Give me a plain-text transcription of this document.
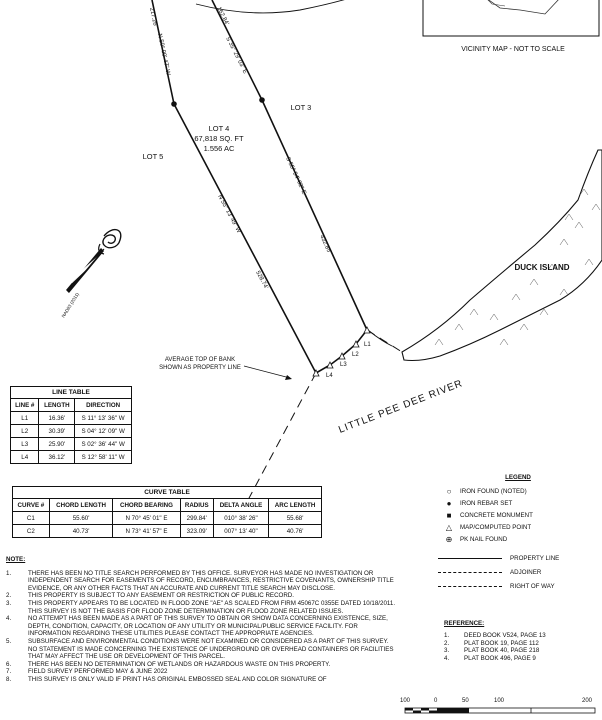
VICINITY MAP - NOT TO SCALE
L1
L2
L3
L4
217.26'
N 50° 00' 47" W
162.84'
S 35° 29' 03" E
S 55° 54' 02" E
432.85'
N 55° 13' 49" W
528.74'
LOT 3
LOT 4
67,818 SQ. FT
1.556 AC
LOT 5
NAD83 (2011)
DUCK ISLAND
LITTLE PEE DEE RIVER
AVERAGE TOP OF BANK
SHOWN AS PROPERTY LINE
LINE TABLE
LINE #	LENGTH	DIRECTION
L1	16.36'	S 11° 13' 36" W
L2	30.39'	S 04° 12' 09" W
L3	25.90'	S 02° 36' 44" W
L4	36.12'	S 12° 58' 11" W
CURVE TABLE
CURVE #	CHORD LENGTH	CHORD BEARING	RADIUS	DELTA ANGLE	ARC LENGTH
C1	55.60'	N 70° 45' 01" E	299.84'	010° 38' 26"	55.68'
C2	40.73'	N 73° 41' 57" E	323.09'	007° 13' 40"	40.76'
LEGEND
○	IRON FOUND (NOTED)
●	IRON REBAR SET
■	CONCRETE MONUMENT
△	MAP/COMPUTED POINT
⊕	PK NAIL FOUND
PROPERTY LINE
ADJOINER
RIGHT OF WAY
NOTE:
1.	THERE HAS BEEN NO TITLE SEARCH PERFORMED BY THIS OFFICE. SURVEYOR HAS MADE NO INVESTIGATION OR INDEPENDENT SEARCH FOR EASEMENTS OF RECORD, ENCUMBRANCES, RESTRICTIVE COVENANTS, OWNERSHIP TITLE EVIDENCE, OR ANY OTHER FACTS THAT AN ACCURATE AND CURRENT TITLE SEARCH MAY DISCLOSE.
2.	THIS PROPERTY IS SUBJECT TO ANY EASEMENT OR RESTRICTION OF PUBLIC RECORD.
3.	THIS PROPERTY APPEARS TO BE LOCATED IN FLOOD ZONE "AE" AS SCALED FROM FIRM 45067C 0355E DATED 10/18/2011. THIS SURVEY IS NOT THE BASIS FOR FLOOD ZONE DETERMINATION OR FLOOD ZONE RELATED ISSUES.
4.	NO ATTEMPT HAS BEEN MADE AS A PART OF THIS SURVEY TO OBTAIN OR SHOW DATA CONCERNING EXISTENCE, SIZE, DEPTH, CONDITION, CAPACITY, OR LOCATION OF ANY UTILITY OR MUNICIPAL/PUBLIC SERVICE FACILITY. FOR INFORMATION REGARDING THESE UTILITIES PLEASE CONTACT THE APPROPRIATE AGENCIES.
5.	SUBSURFACE AND ENVIRONMENTAL CONDITIONS WERE NOT EXAMINED OR CONSIDERED AS A PART OF THIS SURVEY. NO STATEMENT IS MADE CONCERNING THE EXISTENCE OF UNDERGROUND OR OVERHEAD CONTAINERS OR FACILITIES THAT MAY AFFECT THE USE OR DEVELOPMENT OF THIS PARCEL.
6.	THERE HAS BEEN NO DETERMINATION OF WETLANDS OR HAZARDOUS WASTE ON THIS PROPERTY.
7.	FIELD SURVEY PERFORMED MAY & JUNE 2022
8.	THIS SURVEY IS ONLY VALID IF PRINT HAS ORIGINAL EMBOSSED SEAL AND COLOR SIGNATURE OF
REFERENCE:
1.	DEED BOOK V524, PAGE 13
2.	PLAT BOOK 19, PAGE 112
3.	PLAT BOOK 40, PAGE 218
4.	PLAT BOOK 496, PAGE 9
100	0	50	100	200
